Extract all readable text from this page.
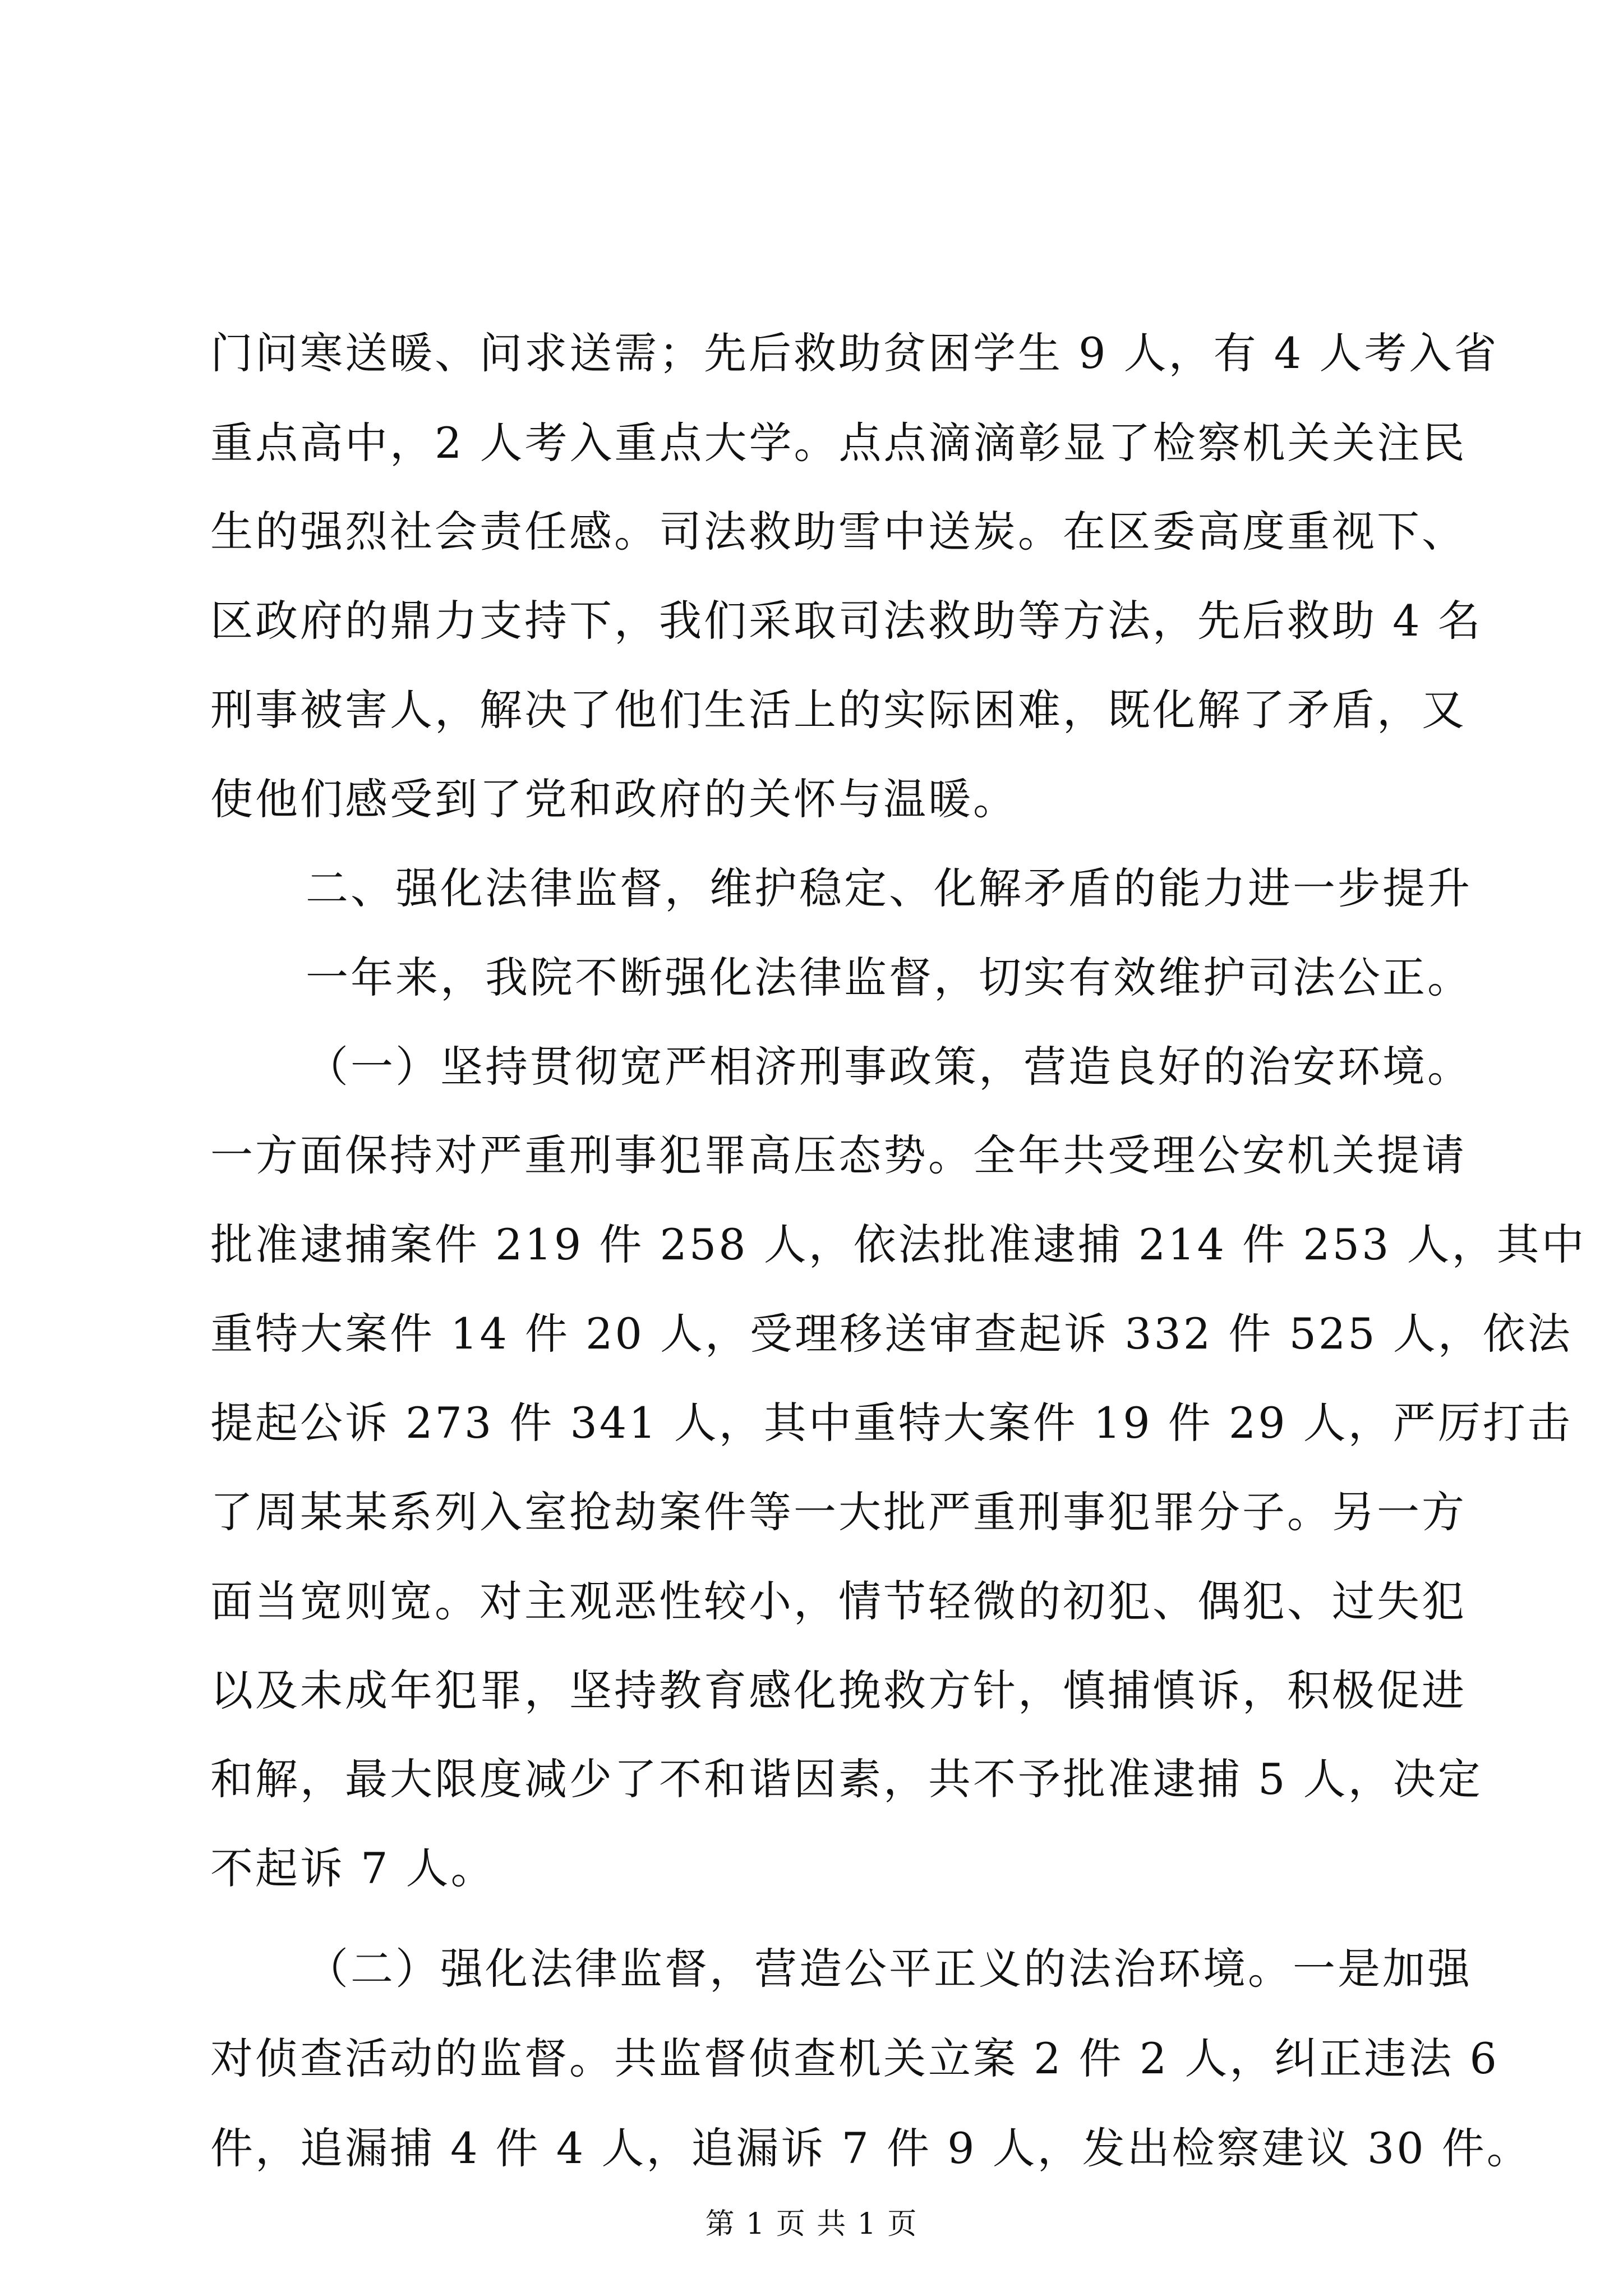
门问寒送暖、问求送需；先后救助贫困学生 9 人，有 4 人考入省
重点高中，2 人考入重点大学。点点滴滴彰显了检察机关关注民
生的强烈社会责任感。司法救助雪中送炭。在区委高度重视下、
区政府的鼎力支持下，我们采取司法救助等方法，先后救助 4 名
刑事被害人，解决了他们生活上的实际困难，既化解了矛盾，又
使他们感受到了党和政府的关怀与温暖。
二、强化法律监督，维护稳定、化解矛盾的能力进一步提升
一年来，我院不断强化法律监督，切实有效维护司法公正。
（一）坚持贯彻宽严相济刑事政策，营造良好的治安环境。
一方面保持对严重刑事犯罪高压态势。全年共受理公安机关提请
批准逮捕案件 219 件 258 人，依法批准逮捕 214 件 253 人，其中
重特大案件 14 件 20 人，受理移送审查起诉 332 件 525 人，依法
提起公诉 273 件 341 人，其中重特大案件 19 件 29 人，严厉打击
了周某某系列入室抢劫案件等一大批严重刑事犯罪分子。另一方
面当宽则宽。对主观恶性较小，情节轻微的初犯、偶犯、过失犯
以及未成年犯罪，坚持教育感化挽救方针，慎捕慎诉，积极促进
和解，最大限度减少了不和谐因素，共不予批准逮捕 5 人，决定
不起诉 7 人。
（二）强化法律监督，营造公平正义的法治环境。一是加强
对侦查活动的监督。共监督侦查机关立案 2 件 2 人，纠正违法 6
件，追漏捕 4 件 4 人，追漏诉 7 件 9 人，发出检察建议 30 件。
第 1 页 共 1 页
